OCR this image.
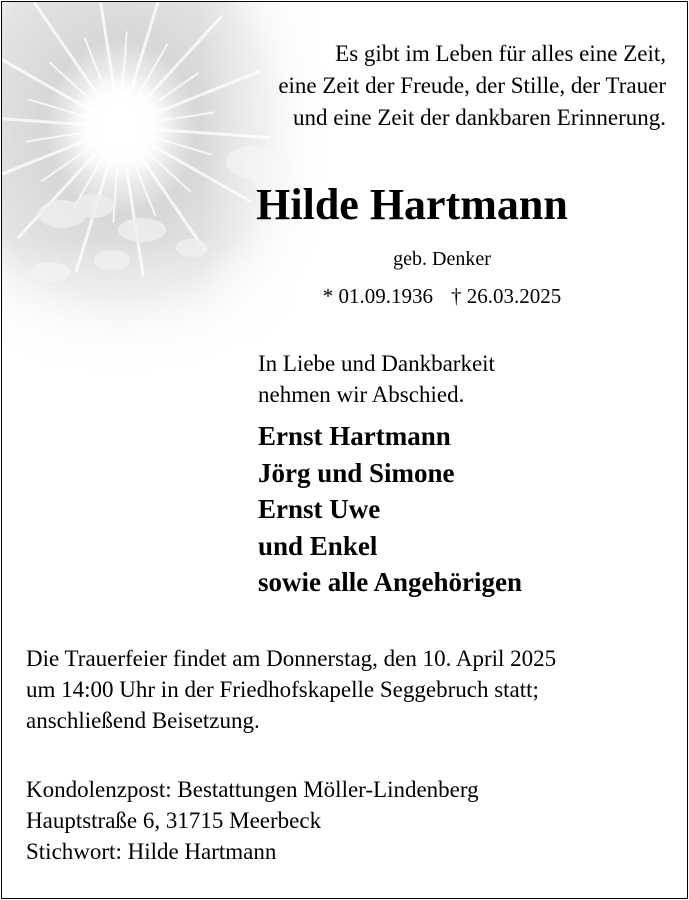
Es gibt im Leben für alles eine Zeit,
eine Zeit der Freude, der Stille, der Trauer
und eine Zeit der dankbaren Erinnerung.
Hilde Hartmann
geb. Denker
* 01.09.1936 † 26.03.2025
In Liebe und Dankbarkeit
nehmen wir Abschied.
Ernst Hartmann
Jörg und Simone
Ernst Uwe
und Enkel
sowie alle Angehörigen
Die Trauerfeier findet am Donnerstag, den 10. April 2025
um 14:00 Uhr in der Friedhofskapelle Seggebruch statt;
anschließend Beisetzung.
Kondolenzpost: Bestattungen Möller-Lindenberg
Hauptstraße 6, 31715 Meerbeck
Stichwort: Hilde Hartmann
